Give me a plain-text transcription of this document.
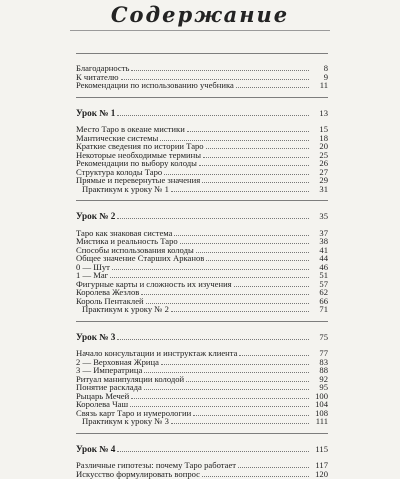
Содержание
Благодарность	8
К читателю	9
Рекомендации по использованию учебника	11
Урок № 1	13
Место Таро в океане мистики	15
Мантические системы	18
Краткие сведения по истории Таро	20
Некоторые необходимые термины	25
Рекомендации по выбору колоды	26
Структура колоды Таро	27
Прямые и перевернутые значения	29
Практикум к уроку № 1	31
Урок № 2	35
Таро как знаковая система	37
Мистика и реальность Таро	38
Способы использования колоды	41
Общее значение Старших Арканов	44
0 — Шут	46
1 — Маг	51
Фигурные карты и сложность их изучения	57
Королева Жезлов	62
Король Пентаклей	66
Практикум к уроку № 2	71
Урок № 3	75
Начало консультации и инструктаж клиента	77
2 — Верховная Жрица	83
3 — Императрица	88
Ритуал манипуляции колодой	92
Понятие расклада	95
Рыцарь Мечей	100
Королева Чаш	104
Связь карт Таро и нумерологии	108
Практикум к уроку № 3	111
Урок № 4	115
Различные гипотезы: почему Таро работает	117
Искусство формулировать вопрос	120
